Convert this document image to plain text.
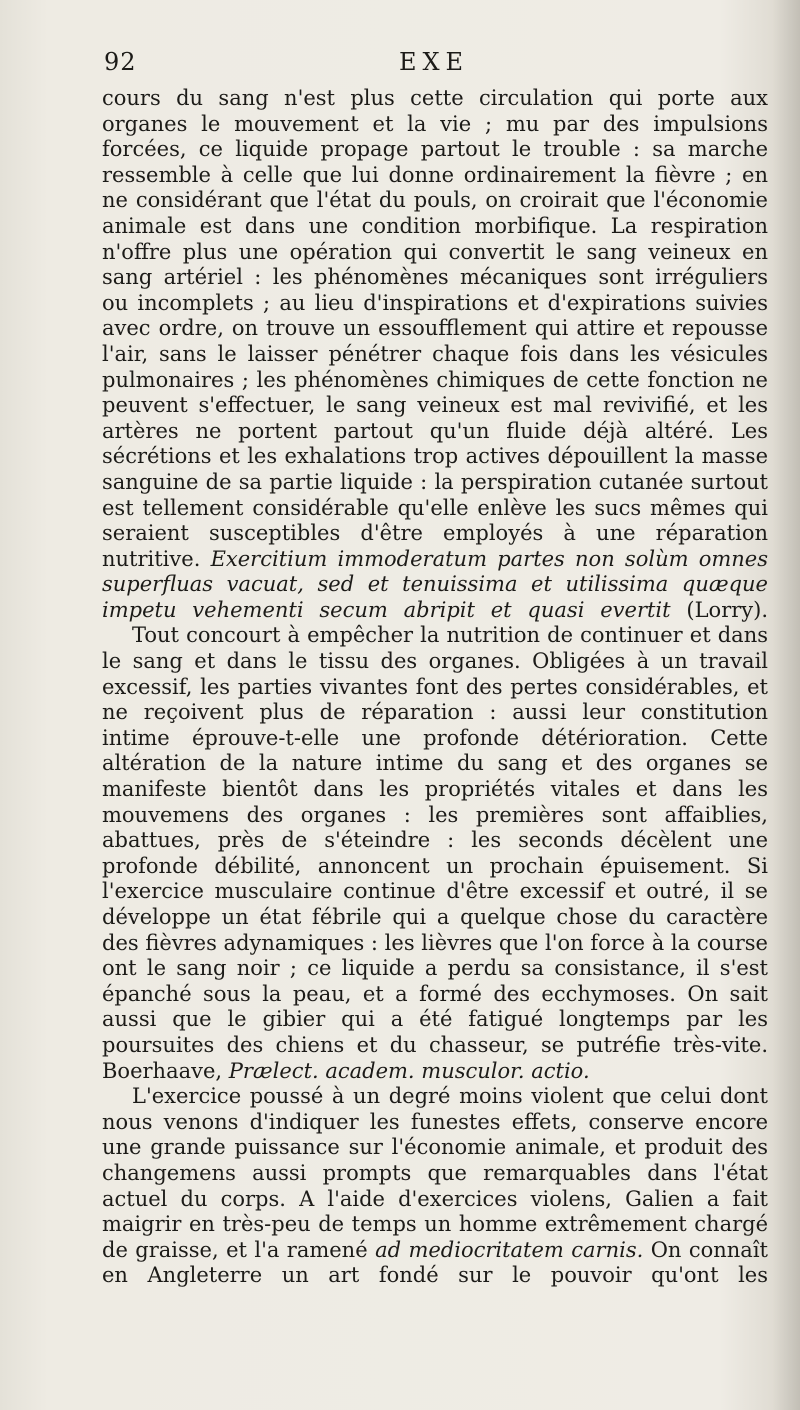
92	EXE

cours du sang n'est plus cette circulation qui porte aux organes le mouvement et la vie ; mu par des impulsions forcées, ce liquide propage partout le trouble : sa marche ressemble à celle que lui donne ordinairement la fièvre ; en ne considérant que l'état du pouls, on croirait que l'économie animale est dans une condition morbifique. La respiration n'offre plus une opération qui convertit le sang veineux en sang artériel : les phénomènes mécaniques sont irréguliers ou incomplets ; au lieu d'inspirations et d'expirations suivies avec ordre, on trouve un essoufflement qui attire et repousse l'air, sans le laisser pénétrer chaque fois dans les vésicules pulmonaires ; les phénomènes chimiques de cette fonction ne peuvent s'effectuer, le sang veineux est mal revivifié, et les artères ne portent partout qu'un fluide déjà altéré. Les sécrétions et les exhalations trop actives dépouillent la masse sanguine de sa partie liquide : la perspiration cutanée surtout est tellement considérable qu'elle enlève les sucs mêmes qui seraient susceptibles d'être employés à une réparation nutritive. Exercitium immoderatum partes non solùm omnes superfluas vacuat, sed et tenuissima et utilissima quæque impetu vehementi secum abripit et quasi evertit (Lorry).

Tout concourt à empêcher la nutrition de continuer et dans le sang et dans le tissu des organes. Obligées à un travail excessif, les parties vivantes font des pertes considérables, et ne reçoivent plus de réparation : aussi leur constitution intime éprouve-t-elle une profonde détérioration. Cette altération de la nature intime du sang et des organes se manifeste bientôt dans les propriétés vitales et dans les mouvemens des organes : les premières sont affaiblies, abattues, près de s'éteindre : les seconds décèlent une profonde débilité, annoncent un prochain épuisement. Si l'exercice musculaire continue d'être excessif et outré, il se développe un état fébrile qui a quelque chose du caractère des fièvres adynamiques : les lièvres que l'on force à la course ont le sang noir ; ce liquide a perdu sa consistance, il s'est épanché sous la peau, et a formé des ecchymoses. On sait aussi que le gibier qui a été fatigué longtemps par les poursuites des chiens et du chasseur, se putréfie très-vite. Boerhaave, Prælect. academ. musculor. actio.

L'exercice poussé à un degré moins violent que celui dont nous venons d'indiquer les funestes effets, conserve encore une grande puissance sur l'économie animale, et produit des changemens aussi prompts que remarquables dans l'état actuel du corps. A l'aide d'exercices violens, Galien a fait maigrir en très-peu de temps un homme extrêmement chargé de graisse, et l'a ramené ad mediocritatem carnis. On connaît en Angleterre un art fondé sur le pouvoir qu'ont les
